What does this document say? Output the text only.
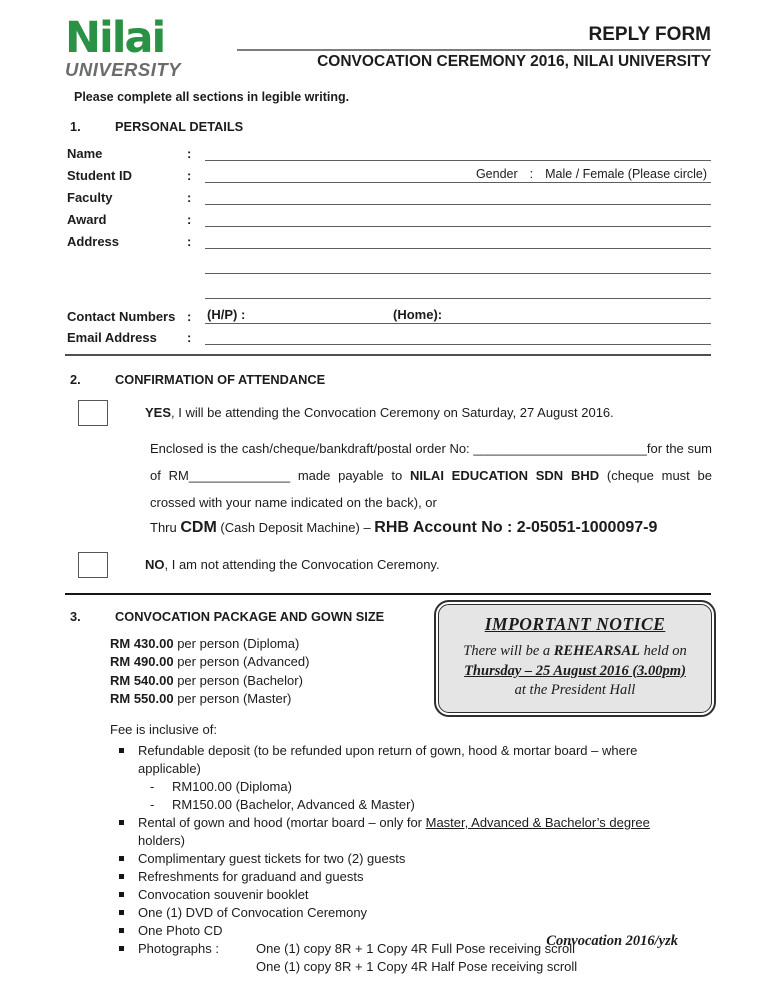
Nilai
UNIVERSITY
REPLY FORM
CONVOCATION CEREMONY 2016, NILAI UNIVERSITY

Please complete all sections in legible writing.

1.	PERSONAL DETAILS
Name	:
Student ID	:	Gender : Male / Female (Please circle)
Faculty	:
Award	:
Address	:
Contact Numbers :	(H/P) :	(Home):
Email Address	:
2.	CONFIRMATION OF ATTENDANCE
YES, I will be attending the Convocation Ceremony on Saturday, 27 August 2016.

Enclosed is the cash/cheque/bankdraft/postal order No: ________________________for the sum of RM______________ made payable to NILAI EDUCATION SDN BHD (cheque must be crossed with your name indicated on the back), or

Thru CDM (Cash Deposit Machine) – RHB Account No : 2-05051-1000097-9

NO, I am not attending the Convocation Ceremony.
3.	CONVOCATION PACKAGE AND GOWN SIZE	IMPORTANT NOTICE
There will be a REHEARSAL held on
Thursday – 25 August 2016 (3.00pm)
at the President Hall
RM 430.00 per person (Diploma)
RM 490.00 per person (Advanced)
RM 540.00 per person (Bachelor)
RM 550.00 per person (Master)
Fee is inclusive of:
Refundable deposit (to be refunded upon return of gown, hood & mortar board – where applicable)
-	RM100.00 (Diploma)
-	RM150.00 (Bachelor, Advanced & Master)
Rental of gown and hood (mortar board – only for Master, Advanced & Bachelor’s degree holders)
Complimentary guest tickets for two (2) guests
Refreshments for graduand and guests
Convocation souvenir booklet
One (1) DVD of Convocation Ceremony
One Photo CD
Photographs :	One (1) copy 8R + 1 Copy 4R Full Pose receiving scroll
One (1) copy 8R + 1 Copy 4R Half Pose receiving scroll
Convocation 2016/yzk
